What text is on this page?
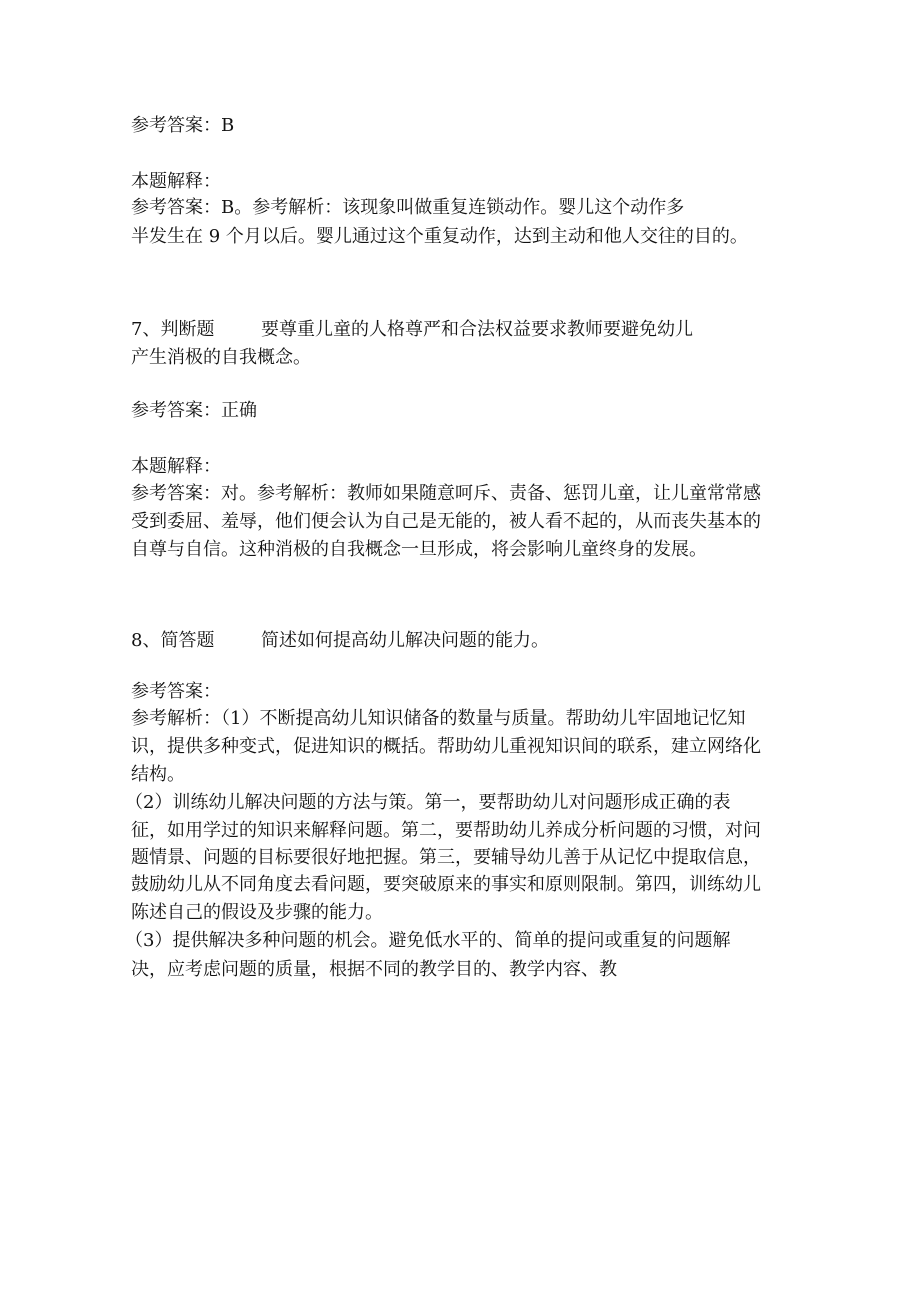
参考答案：B
本题解释：
参考答案：B。参考解析：该现象叫做重复连锁动作。婴儿这个动作多
半发生在 9 个月以后。婴儿通过这个重复动作，达到主动和他人交往的目的。
7、判断题	要尊重儿童的人格尊严和合法权益要求教师要避免幼儿
产生消极的自我概念。
参考答案：正确
本题解释：
参考答案：对。参考解析：教师如果随意呵斥、责备、惩罚儿童，让儿童常常感
受到委屈、羞辱，他们便会认为自己是无能的，被人看不起的，从而丧失基本的
自尊与自信。这种消极的自我概念一旦形成，将会影响儿童终身的发展。
8、简答题	简述如何提高幼儿解决问题的能力。
参考答案：
参考解析：（1）不断提高幼儿知识储备的数量与质量。帮助幼儿牢固地记忆知
识，提供多种变式，促进知识的概括。帮助幼儿重视知识间的联系，建立网络化
结构。
（2）训练幼儿解决问题的方法与策。第一，要帮助幼儿对问题形成正确的表
征，如用学过的知识来解释问题。第二，要帮助幼儿养成分析问题的习惯，对问
题情景、问题的目标要很好地把握。第三，要辅导幼儿善于从记忆中提取信息，
鼓励幼儿从不同角度去看问题，要突破原来的事实和原则限制。第四，训练幼儿
陈述自己的假设及步骤的能力。
（3）提供解决多种问题的机会。避免低水平的、简单的提问或重复的问题解
决，应考虑问题的质量，根据不同的教学目的、教学内容、教
